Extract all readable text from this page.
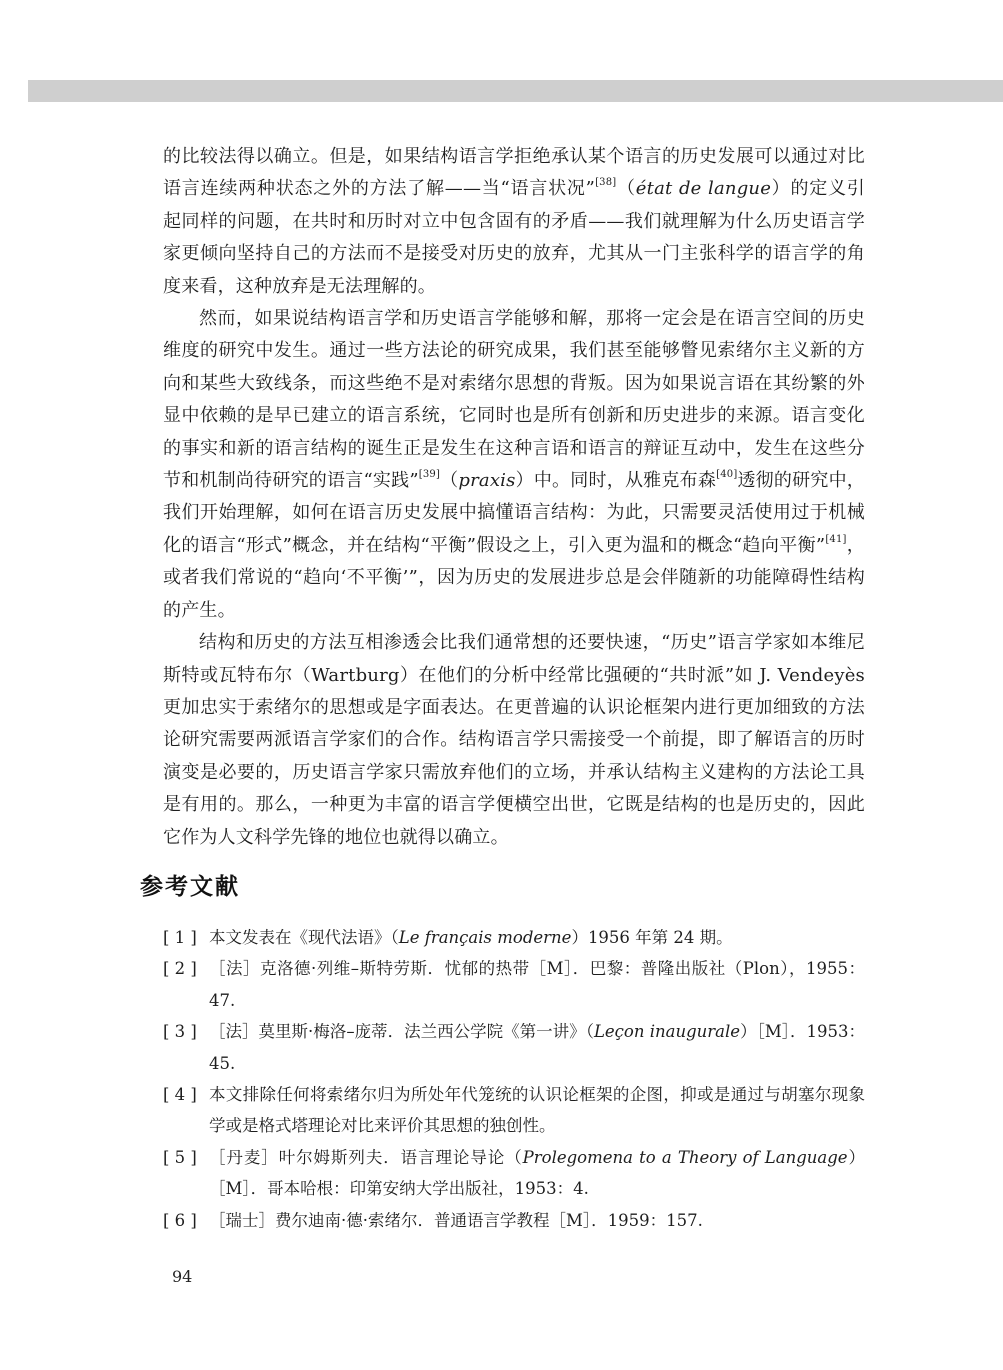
的比较法得以确立。但是，如果结构语言学拒绝承认某个语言的历史发展可以通过对比语言连续两种状态之外的方法了解——当“语言状况”[38]（état de langue）的定义引起同样的问题，在共时和历时对立中包含固有的矛盾——我们就理解为什么历史语言学家更倾向坚持自己的方法而不是接受对历史的放弃，尤其从一门主张科学的语言学的角度来看，这种放弃是无法理解的。

然而，如果说结构语言学和历史语言学能够和解，那将一定会是在语言空间的历史维度的研究中发生。通过一些方法论的研究成果，我们甚至能够瞥见索绪尔主义新的方向和某些大致线条，而这些绝不是对索绪尔思想的背叛。因为如果说言语在其纷繁的外显中依赖的是早已建立的语言系统，它同时也是所有创新和历史进步的来源。语言变化的事实和新的语言结构的诞生正是发生在这种言语和语言的辩证互动中，发生在这些分节和机制尚待研究的语言“实践”[39]（praxis）中。同时，从雅克布森[40]透彻的研究中，我们开始理解，如何在语言历史发展中搞懂语言结构：为此，只需要灵活使用过于机械化的语言“形式”概念，并在结构“平衡”假设之上，引入更为温和的概念“趋向平衡”[41]，或者我们常说的“趋向‘不平衡’”，因为历史的发展进步总是会伴随新的功能障碍性结构的产生。

结构和历史的方法互相渗透会比我们通常想的还要快速，“历史”语言学家如本维尼斯特或瓦特布尔（Wartburg）在他们的分析中经常比强硬的“共时派”如 J. Vendeyès 更加忠实于索绪尔的思想或是字面表达。在更普遍的认识论框架内进行更加细致的方法论研究需要两派语言学家们的合作。结构语言学只需接受一个前提，即了解语言的历时演变是必要的，历史语言学家只需放弃他们的立场，并承认结构主义建构的方法论工具是有用的。那么，一种更为丰富的语言学便横空出世，它既是结构的也是历史的，因此它作为人文科学先锋的地位也就得以确立。

参考文献
[ 1 ] 本文发表在《现代法语》（Le français moderne）1956 年第 24 期。
[ 2 ] ［法］克洛德·列维–斯特劳斯．忧郁的热带［M］．巴黎：普隆出版社（Plon），1955：47.
[ 3 ] ［法］莫里斯·梅洛–庞蒂．法兰西公学院《第一讲》（Leçon inaugurale）［M］．1953：45.
[ 4 ] 本文排除任何将索绪尔归为所处年代笼统的认识论框架的企图，抑或是通过与胡塞尔现象学或是格式塔理论对比来评价其思想的独创性。
[ 5 ] ［丹麦］叶尔姆斯列夫．语言理论导论（Prolegomena to a Theory of Language）［M］．哥本哈根：印第安纳大学出版社，1953：4.
[ 6 ] ［瑞士］费尔迪南·德·索绪尔．普通语言学教程［M］．1959：157.
94
